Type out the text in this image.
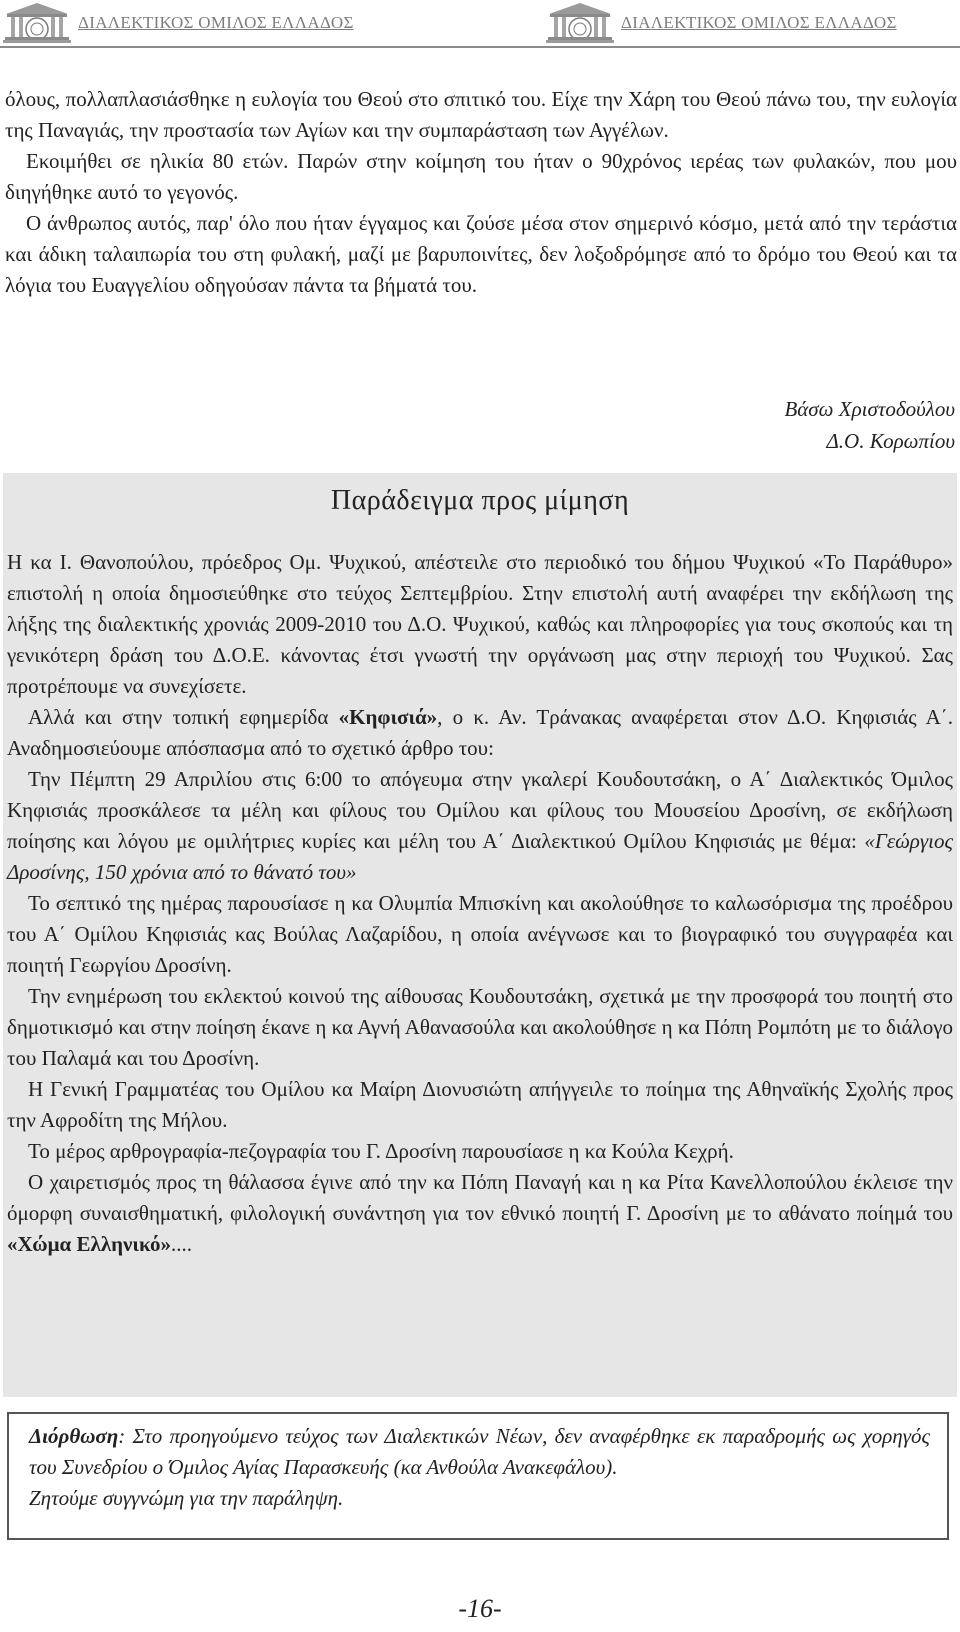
ΔΙΑΛΕΚΤΙΚΟΣ ΟΜΙΛΟΣ ΕΛΛΑΔΟΣ	ΔΙΑΛΕΚΤΙΚΟΣ ΟΜΙΛΟΣ ΕΛΛΑΔΟΣ

όλους, πολλαπλασιάσθηκε η ευλογία του Θεού στο σπιτικό του. Είχε την Χάρη του Θεού πάνω του, την ευλογία της Παναγιάς, την προστασία των Αγίων και την συμπαράσταση των Αγγέλων.

Εκοιμήθει σε ηλικία 80 ετών. Παρών στην κοίμηση του ήταν ο 90χρόνος ιερέας των φυλακών, που μου διηγήθηκε αυτό το γεγονός.

Ο άνθρωπος αυτός, παρ' όλο που ήταν έγγαμος και ζούσε μέσα στον σημερινό κόσμο, μετά από την τεράστια και άδικη ταλαιπωρία του στη φυλακή, μαζί με βαρυποινίτες, δεν λοξοδρόμησε από το δρόμο του Θεού και τα λόγια του Ευαγγελίου οδηγούσαν πάντα τα βήματά του.

Βάσω Χριστοδούλου
Δ.Ο. Κορωπίου
Παράδειγμα προς μίμηση

Η κα Ι. Θανοπούλου, πρόεδρος Ομ. Ψυχικού, απέστειλε στο περιοδικό του δήμου Ψυχικού «Το Παράθυρο» επιστολή η οποία δημοσιεύθηκε στο τεύχος Σεπτεμβρίου. Στην επιστολή αυτή αναφέρει την εκδήλωση της λήξης της διαλεκτικής χρονιάς 2009-2010 του Δ.Ο. Ψυχικού, καθώς και πληροφορίες για τους σκοπούς και τη γενικότερη δράση του Δ.Ο.Ε. κάνοντας έτσι γνωστή την οργάνωση μας στην περιοχή του Ψυχικού. Σας προτρέπουμε να συνεχίσετε.

Αλλά και στην τοπική εφημερίδα «Κηφισιά», ο κ. Αν. Τράνακας αναφέρεται στον Δ.Ο. Κηφισιάς Α΄. Αναδημοσιεύουμε απόσπασμα από το σχετικό άρθρο του:

Την Πέμπτη 29 Απριλίου στις 6:00 το απόγευμα στην γκαλερί Κουδουτσάκη, ο Α΄ Διαλεκτικός Όμιλος Κηφισιάς προσκάλεσε τα μέλη και φίλους του Ομίλου και φίλους του Μουσείου Δροσίνη, σε εκδήλωση ποίησης και λόγου με ομιλήτριες κυρίες και μέλη του Α΄ Διαλεκτικού Ομίλου Κηφισιάς με θέμα: «Γεώργιος Δροσίνης, 150 χρόνια από το θάνατό του»

Το σεπτικό της ημέρας παρουσίασε η κα Ολυμπία Μπισκίνη και ακολούθησε το καλωσόρισμα της προέδρου του Α΄ Ομίλου Κηφισιάς κας Βούλας Λαζαρίδου, η οποία ανέγνωσε και το βιογραφικό του συγγραφέα και ποιητή Γεωργίου Δροσίνη.

Την ενημέρωση του εκλεκτού κοινού της αίθουσας Κουδουτσάκη, σχετικά με την προσφορά του ποιητή στο δημοτικισμό και στην ποίηση έκανε η κα Αγνή Αθανασούλα και ακολούθησε η κα Πόπη Ρομπότη με το διάλογο του Παλαμά και του Δροσίνη.

Η Γενική Γραμματέας του Ομίλου κα Μαίρη Διονυσιώτη απήγγειλε το ποίημα της Αθηναϊκής Σχολής προς την Αφροδίτη της Μήλου.

Το μέρος αρθρογραφία-πεζογραφία του Γ. Δροσίνη παρουσίασε η κα Κούλα Κεχρή.

Ο χαιρετισμός προς τη θάλασσα έγινε από την κα Πόπη Παναγή και η κα Ρίτα Κανελλοπούλου έκλεισε την όμορφη συναισθηματική, φιλολογική συνάντηση για τον εθνικό ποιητή Γ. Δροσίνη με το αθάνατο ποίημά του «Χώμα Ελληνικό»....

Διόρθωση: Στο προηγούμενο τεύχος των Διαλεκτικών Νέων, δεν αναφέρθηκε εκ παραδρομής ως χορηγός του Συνεδρίου ο Όμιλος Αγίας Παρασκευής (κα Ανθούλα Ανακεφάλου).

Ζητούμε συγγνώμη για την παράληψη.

-16-
